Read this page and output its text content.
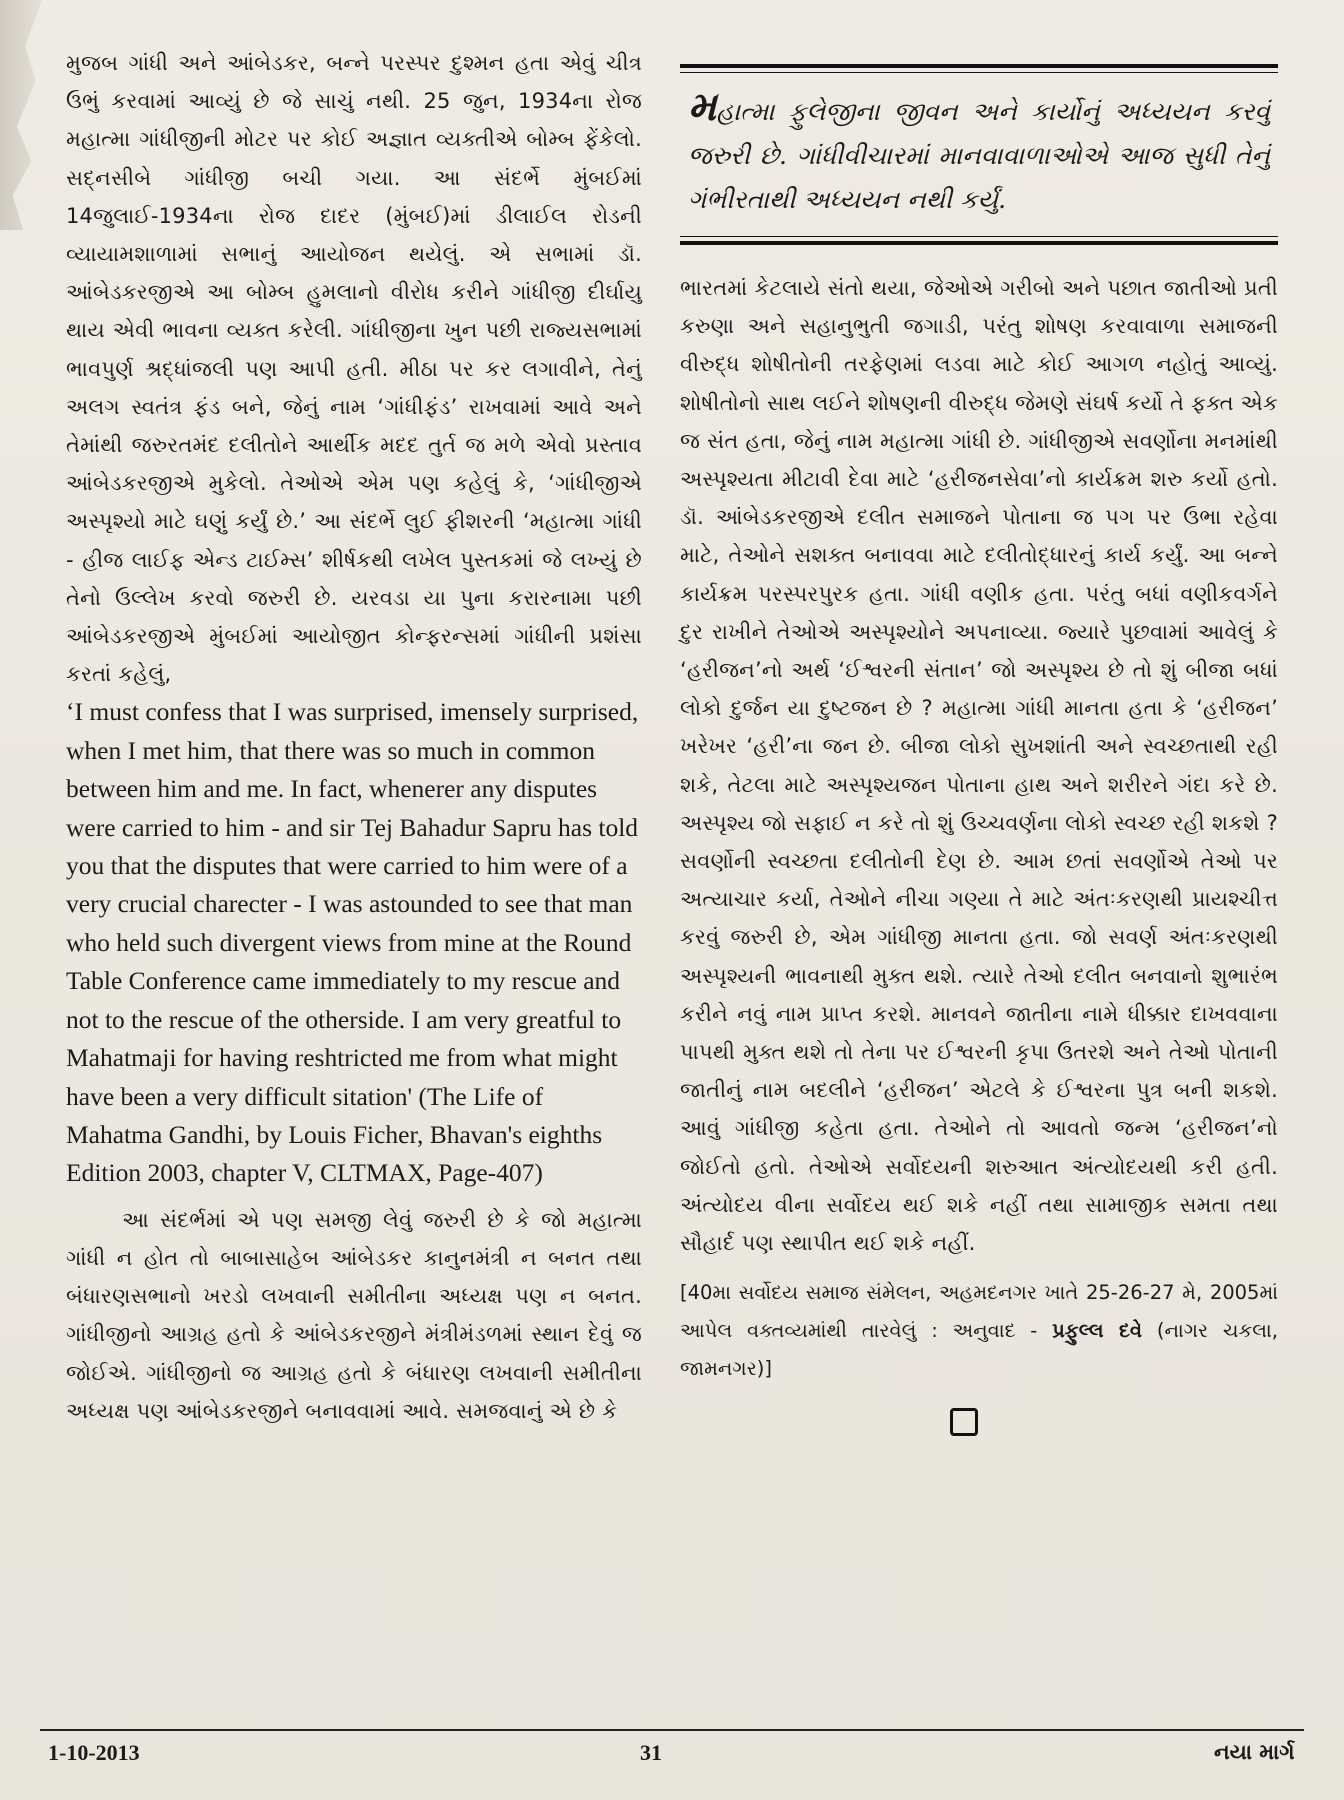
મુજબ ગાંધી અને આંબેડકર, બન્ને પરસ્પર દુશ્મન હતા એવું ચીત્ર ઉભું કરવામાં આવ્યું છે જે સાચું નથી. 25 જુન, 1934ના રોજ મહાત્મા ગાંધીજીની મોટર પર કોઈ અજ્ઞાત વ્યક્તીએ બોમ્બ ફેંકેલો. સદ્નસીબે ગાંધીજી બચી ગયા. આ સંદર્ભે મુંબઈમાં 14જુલાઈ-1934ના રોજ દાદર (મુંબઈ)માં ડીલાઈલ રોડની વ્યાયામશાળામાં સભાનું આયોજન થયેલું. એ સભામાં ડૉ. આંબેડકરજીએ આ બોમ્બ હુમલાનો વીરોધ કરીને ગાંધીજી દીર્ઘાયુ થાય એવી ભાવના વ્યક્ત કરેલી. ગાંધીજીના ખુન પછી રાજ્યસભામાં ભાવપુર્ણ શ્રદ્ધાંજલી પણ આપી હતી. મીઠા પર કર લગાવીને, તેનું અલગ સ્વતંત્ર ફંડ બને, જેનું નામ ‘ગાંધીફંડ’ રાખવામાં આવે અને તેમાંથી જરુરતમંદ દલીતોને આર્થીક મદદ તુર્ત જ મળે એવો પ્રસ્તાવ આંબેડકરજીએ મુકેલો. તેઓએ એમ પણ કહેલું કે, ‘ગાંધીજીએ અસ્પૃશ્યો માટે ઘણું કર્યું છે.’ આ સંદર્ભે લુઈ ફીશરની ‘મહાત્મા ગાંધી - હીજ લાઈફ એન્ડ ટાઈમ્સ’ શીર્ષકથી લખેલ પુસ્તકમાં જે લખ્યું છે તેનો ઉલ્લેખ કરવો જરુરી છે. યરવડા યા પુના કરારનામા પછી આંબેડકરજીએ મુંબઈમાં આયોજીત કોન્ફરન્સમાં ગાંધીની પ્રશંસા કરતાં કહેલું,

‘I must confess that I was surprised, imensely surprised, when I met him, that there was so much in common between him and me. In fact, whenerer any disputes were carried to him - and sir Tej Bahadur Sapru has told you that the disputes that were carried to him were of a very crucial charecter - I was astounded to see that man who held such divergent views from mine at the Round Table Conference came immediately to my rescue and not to the rescue of the otherside. I am very greatful to Mahatmaji for having reshtricted me from what might have been a very difficult sitation' (The Life of Mahatma Gandhi, by Louis Ficher, Bhavan's eighths Edition 2003, chapter V, CLTMAX, Page-407)

આ સંદર્ભમાં એ પણ સમજી લેવું જરુરી છે કે જો મહાત્મા ગાંધી ન હોત તો બાબાસાહેબ આંબેડકર કાનુનમંત્રી ન બનત તથા બંધારણસભાનો ખરડો લખવાની સમીતીના અધ્યક્ષ પણ ન બનત. ગાંધીજીનો આગ્રહ હતો કે આંબેડકરજીને મંત્રીમંડળમાં સ્થાન દેવું જ જોઈએ. ગાંધીજીનો જ આગ્રહ હતો કે બંધારણ લખવાની સમીતીના અધ્યક્ષ પણ આંબેડકરજીને બનાવવામાં આવે. સમજવાનું એ છે કે

મહાત્મા ફુલેજીના જીવન અને કાર્યોનું અધ્યયન કરવું જરુરી છે. ગાંધીવીચારમાં માનવાવાળાઓએ આજ સુધી તેનું ગંભીરતાથી અધ્યયન નથી કર્યું.

ભારતમાં કેટલાયે સંતો થયા, જેઓએ ગરીબો અને પછાત જાતીઓ પ્રતી કરુણા અને સહાનુભુતી જગાડી, પરંતુ શોષણ કરવાવાળા સમાજની વીરુદ્ધ શોષીતોની તરફેણમાં લડવા માટે કોઈ આગળ નહોતું આવ્યું. શોષીતોનો સાથ લઈને શોષણની વીરુદ્ધ જેમણે સંઘર્ષ કર્યો તે ફક્ત એક જ સંત હતા, જેનું નામ મહાત્મા ગાંધી છે. ગાંધીજીએ સવર્ણોના મનમાંથી અસ્પૃશ્યતા મીટાવી દેવા માટે ‘હરીજનસેવા’નો કાર્યક્રમ શરુ કર્યો હતો. ડૉ. આંબેડકરજીએ દલીત સમાજને પોતાના જ પગ પર ઉભા રહેવા માટે, તેઓને સશક્ત બનાવવા માટે દલીતોદ્ધારનું કાર્ય કર્યું. આ બન્ને કાર્યક્રમ પરસ્પરપુરક હતા. ગાંધી વણીક હતા. પરંતુ બધાં વણીકવર્ગને દુર રાખીને તેઓએ અસ્પૃશ્યોને અપનાવ્યા. જ્યારે પુછવામાં આવેલું કે ‘હરીજન’નો અર્થ ‘ઈશ્વરની સંતાન’ જો અસ્પૃશ્ય છે તો શું બીજા બધાં લોકો દુર્જન યા દુષ્ટજન છે ? મહાત્મા ગાંધી માનતા હતા કે ‘હરીજન’ ખરેખર ‘હરી’ના જન છે. બીજા લોકો સુખશાંતી અને સ્વચ્છતાથી રહી શકે, તેટલા માટે અસ્પૃશ્યજન પોતાના હાથ અને શરીરને ગંદા કરે છે. અસ્પૃશ્ય જો સફાઈ ન કરે તો શું ઉચ્ચવર્ણના લોકો સ્વચ્છ રહી શકશે ? સવર્ણોની સ્વચ્છતા દલીતોની દેણ છે. આમ છતાં સવર્ણોએ તેઓ પર અત્યાચાર કર્યા, તેઓને નીચા ગણ્યા તે માટે અંતઃકરણથી પ્રાયશ્ચીત્ત કરવું જરુરી છે, એમ ગાંધીજી માનતા હતા. જો સવર્ણ અંતઃકરણથી અસ્પૃશ્યની ભાવનાથી મુક્ત થશે. ત્યારે તેઓ દલીત બનવાનો શુભારંભ કરીને નવું નામ પ્રાપ્ત કરશે. માનવને જાતીના નામે ધીક્કાર દાખવવાના પાપથી મુક્ત થશે તો તેના પર ઈશ્વરની કૃપા ઉતરશે અને તેઓ પોતાની જાતીનું નામ બદલીને ‘હરીજન’ એટલે કે ઈશ્વરના પુત્ર બની શકશે. આવું ગાંધીજી કહેતા હતા. તેઓને તો આવતો જન્મ ‘હરીજન’નો જોઈતો હતો. તેઓએ સર્વોદયની શરુઆત અંત્યોદયથી કરી હતી. અંત્યોદય વીના સર્વોદય થઈ શકે નહીં તથા સામાજીક સમતા તથા સૌહાર્દ પણ સ્થાપીત થઈ શકે નહીં.

[40મા સર્વોદય સમાજ સંમેલન, અહમદનગર ખાતે 25-26-27 મે, 2005માં આપેલ વક્તવ્યમાંથી તારવેલું : અનુવાદ - પ્રફુલ્લ દવે (નાગર ચકલા, જામનગર)]

1-10-2013	31	નયા માર્ગ
